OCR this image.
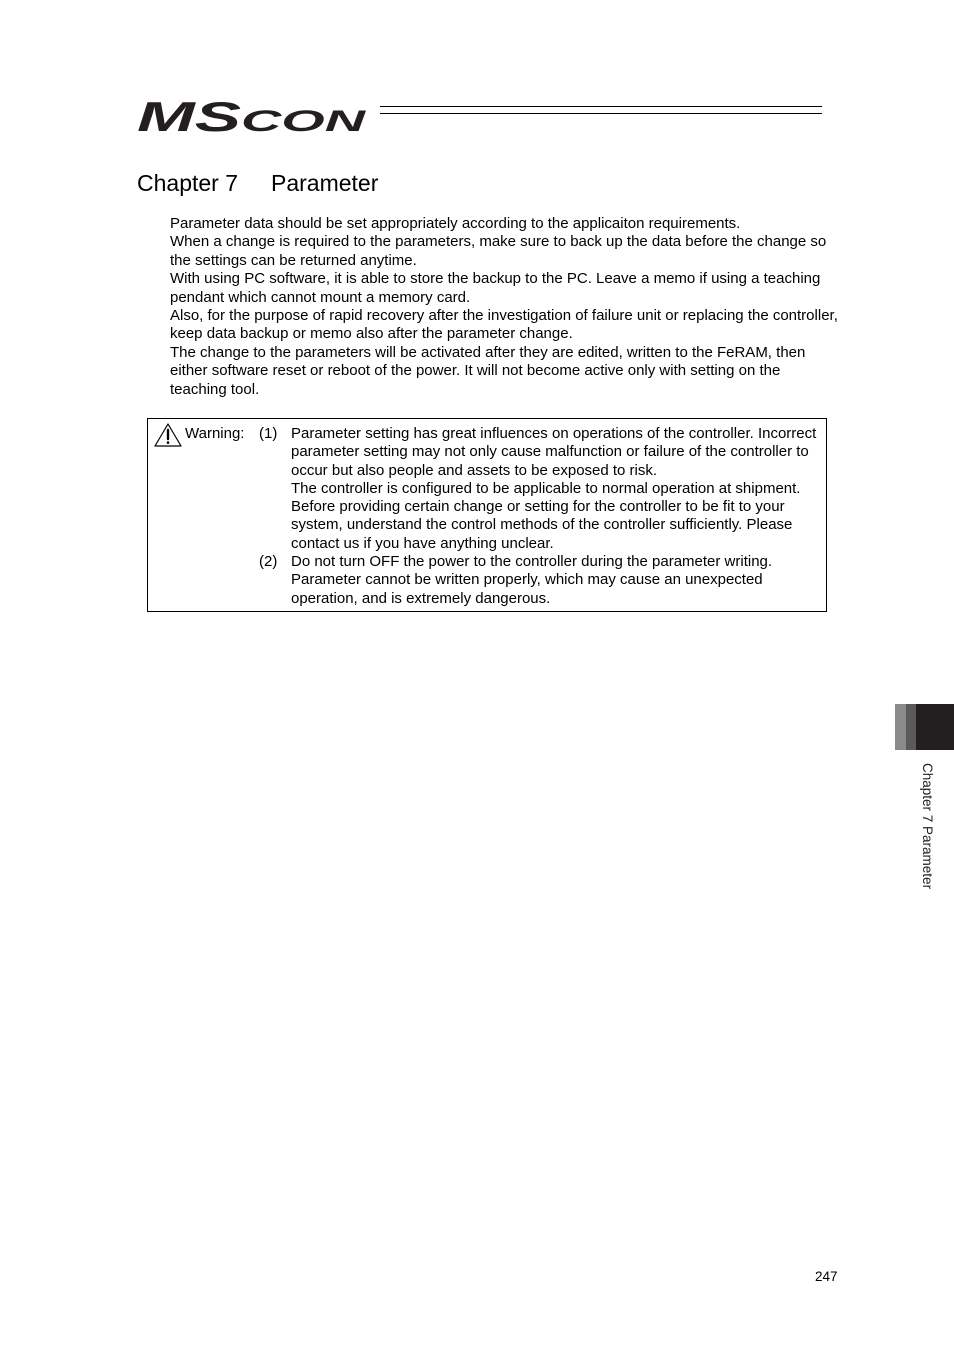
MS CON
Chapter 7 Parameter

Parameter data should be set appropriately according to the applicaiton requirements.

When a change is required to the parameters, make sure to back up the data before the change so the settings can be returned anytime.

With using PC software, it is able to store the backup to the PC. Leave a memo if using a teaching pendant which cannot mount a memory card.

Also, for the purpose of rapid recovery after the investigation of failure unit or replacing the controller, keep data backup or memo also after the parameter change.

The change to the parameters will be activated after they are edited, written to the FeRAM, then either software reset or reboot of the power. It will not become active only with setting on the teaching tool.

Warning: (1) Parameter setting has great influences on operations of the controller. Incorrect parameter setting may not only cause malfunction or failure of the controller to occur but also people and assets to be exposed to risk.

The controller is configured to be applicable to normal operation at shipment. Before providing certain change or setting for the controller to be fit to your system, understand the control methods of the controller sufficiently. Please contact us if you have anything unclear.

(2) Do not turn OFF the power to the controller during the parameter writing. Parameter cannot be written properly, which may cause an unexpected operation, and is extremely dangerous.

Chapter 7 Parameter
247
